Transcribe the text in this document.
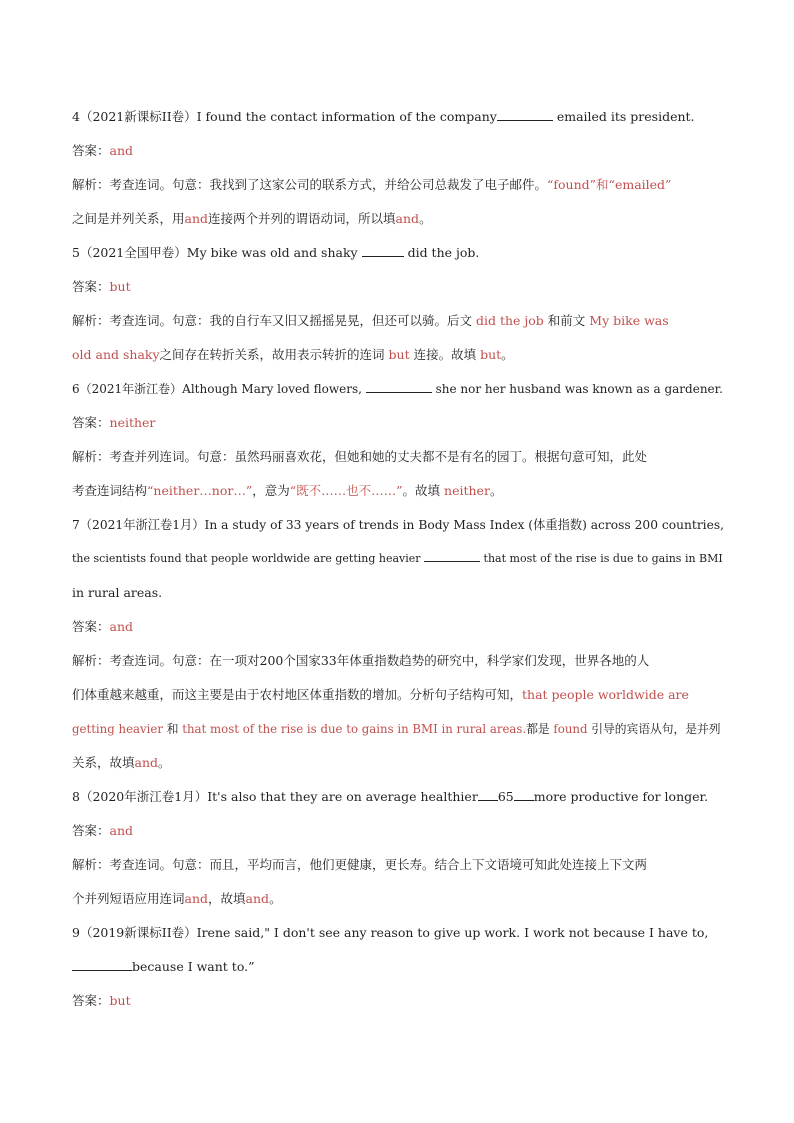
4（2021新课标II卷）I found the contact information of the company	emailed its president.
答案：and
解析：考查连词。句意：我找到了这家公司的联系方式，并给公司总裁发了电子邮件。“found”和“emailed”
之间是并列关系，用and连接两个并列的谓语动词，所以填and。
5（2021全国甲卷）My bike was old and shaky	did the job.
答案：but
解析：考查连词。句意：我的自行车又旧又摇摇晃晃，但还可以骑。后文 did the job 和前文 My bike was
old and shaky之间存在转折关系，故用表示转折的连词 but 连接。故填 but。
6（2021年浙江卷）Although Mary loved flowers,	she nor her husband was known as a gardener.
答案：neither
解析：考查并列连词。句意：虽然玛丽喜欢花，但她和她的丈夫都不是有名的园丁。根据句意可知，此处
考查连词结构“neither…nor…”，意为“既不……也不……”。故填 neither。
7（2021年浙江卷1月）In a study of 33 years of trends in Body Mass Index (体重指数) across 200 countries,
the scientists found that people worldwide are getting heavier	that most of the rise is due to gains in BMI
in rural areas.
答案：and
解析：考查连词。句意：在一项对200个国家33年体重指数趋势的研究中，科学家们发现，世界各地的人
们体重越来越重，而这主要是由于农村地区体重指数的增加。分析句子结构可知，that people worldwide are
getting heavier 和 that most of the rise is due to gains in BMI in rural areas.都是 found 引导的宾语从句，是并列
关系，故填and。
8（2020年浙江卷1月）It's also that they are on average healthier 65 more productive for longer.
答案：and
解析：考查连词。句意：而且，平均而言，他们更健康，更长寿。结合上下文语境可知此处连接上下文两
个并列短语应用连词and，故填and。
9（2019新课标II卷）Irene said," I don't see any reason to give up work. I work not because I have to,
because I want to.”
答案：but
